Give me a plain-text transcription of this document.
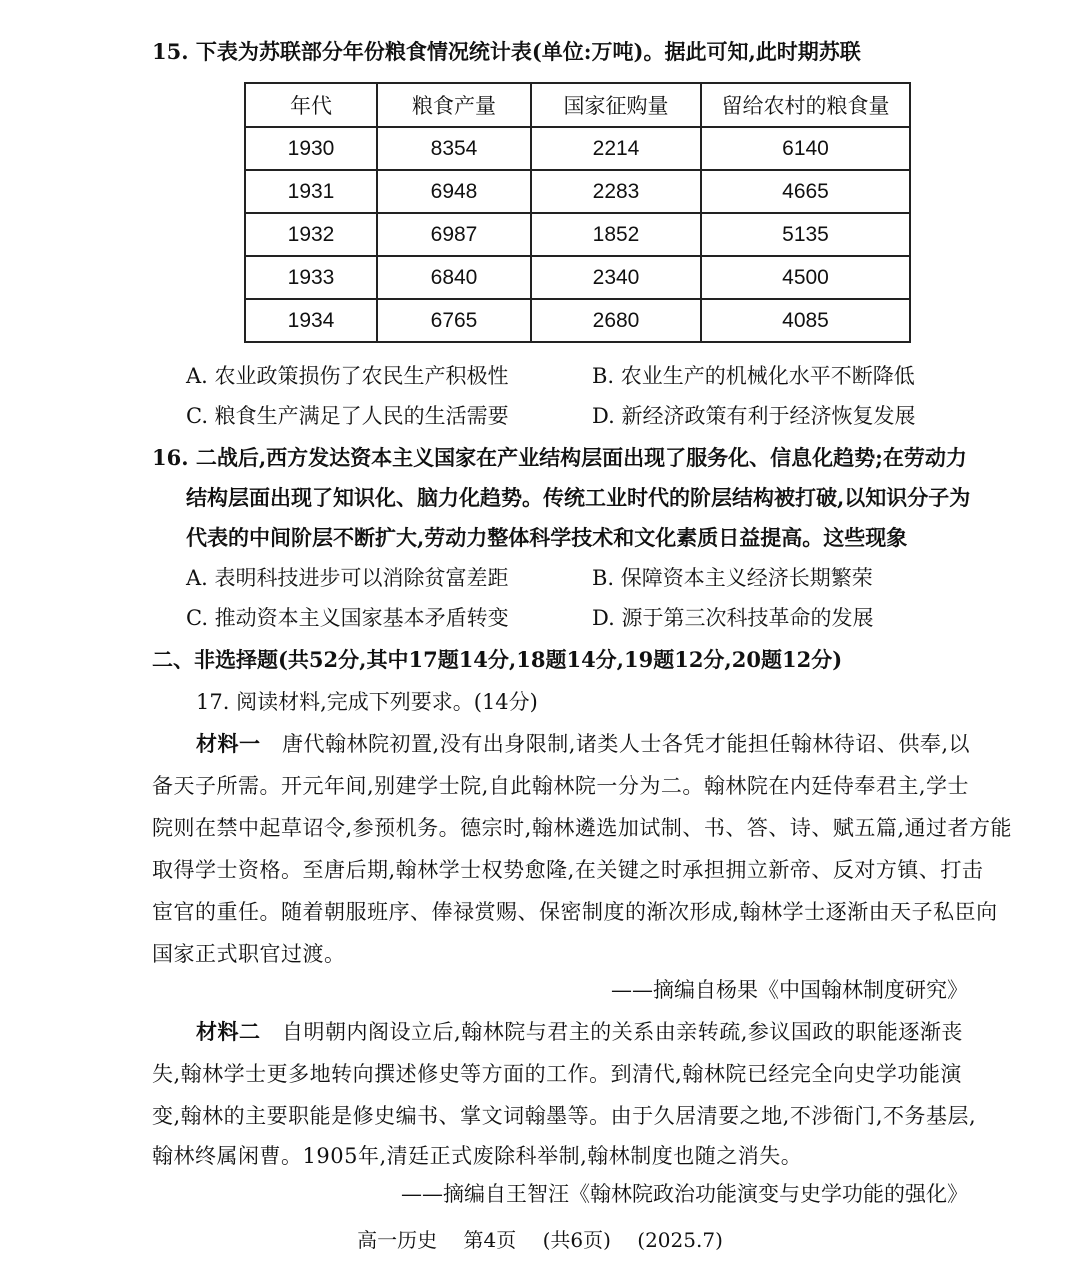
15. 下表为苏联部分年份粮食情况统计表(单位:万吨)。据此可知,此时期苏联
年代	粮食产量	国家征购量	留给农村的粮食量
1930	8354	2214	6140
1931	6948	2283	4665
1932	6987	1852	5135
1933	6840	2340	4500
1934	6765	2680	4085
A. 农业政策损伤了农民生产积极性	B. 农业生产的机械化水平不断降低
C. 粮食生产满足了人民的生活需要	D. 新经济政策有利于经济恢复发展
16. 二战后,西方发达资本主义国家在产业结构层面出现了服务化、信息化趋势;在劳动力
结构层面出现了知识化、脑力化趋势。传统工业时代的阶层结构被打破,以知识分子为
代表的中间阶层不断扩大,劳动力整体科学技术和文化素质日益提高。这些现象
A. 表明科技进步可以消除贫富差距	B. 保障资本主义经济长期繁荣
C. 推动资本主义国家基本矛盾转变	D. 源于第三次科技革命的发展
二、非选择题(共52分,其中17题14分,18题14分,19题12分,20题12分)
17. 阅读材料,完成下列要求。(14分)
材料一 唐代翰林院初置,没有出身限制,诸类人士各凭才能担任翰林待诏、供奉,以
备天子所需。开元年间,别建学士院,自此翰林院一分为二。翰林院在内廷侍奉君主,学士
院则在禁中起草诏令,参预机务。德宗时,翰林遴选加试制、书、答、诗、赋五篇,通过者方能
取得学士资格。至唐后期,翰林学士权势愈隆,在关键之时承担拥立新帝、反对方镇、打击
宦官的重任。随着朝服班序、俸禄赏赐、保密制度的渐次形成,翰林学士逐渐由天子私臣向
国家正式职官过渡。
——摘编自杨果《中国翰林制度研究》
材料二 自明朝内阁设立后,翰林院与君主的关系由亲转疏,参议国政的职能逐渐丧
失,翰林学士更多地转向撰述修史等方面的工作。到清代,翰林院已经完全向史学功能演
变,翰林的主要职能是修史编书、掌文词翰墨等。由于久居清要之地,不涉衙门,不务基层,
翰林终属闲曹。1905年,清廷正式废除科举制,翰林制度也随之消失。
——摘编自王智汪《翰林院政治功能演变与史学功能的强化》
高一历史 第4页 (共6页) (2025.7)
